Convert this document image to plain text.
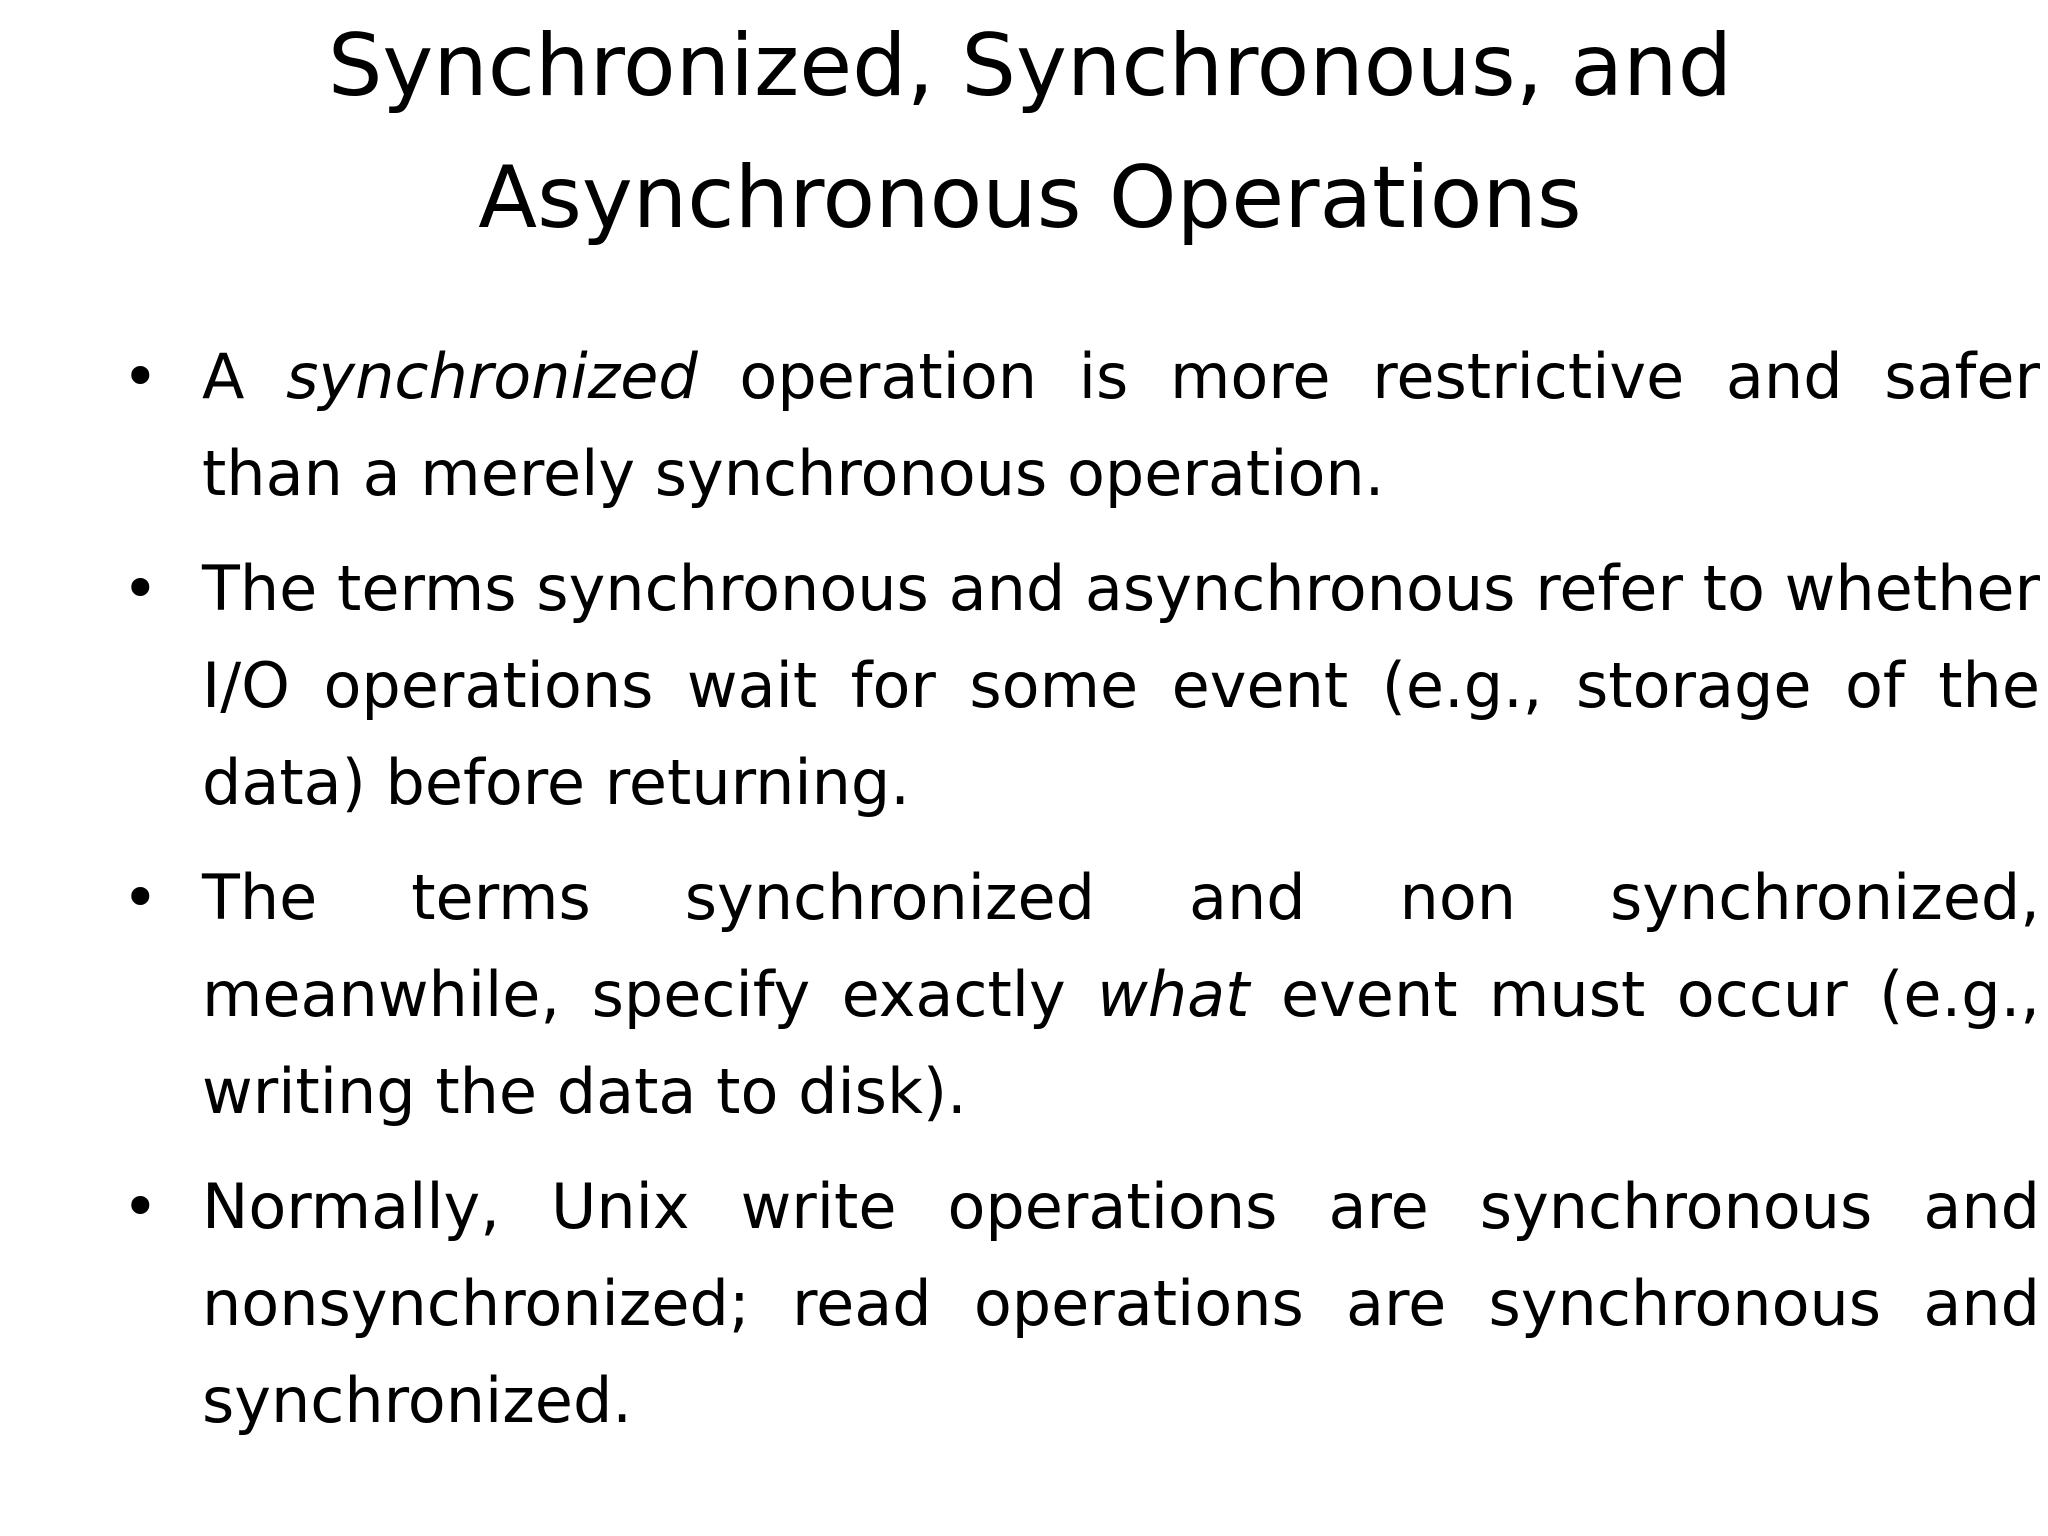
Synchronized, Synchronous, and
Asynchronous Operations
• A synchronized operation is more restrictive and safer than a merely synchronous operation.
• The terms synchronous and asynchronous refer to whether I/O operations wait for some event (e.g., storage of the data) before returning.
• The terms synchronized and non synchronized, meanwhile, specify exactly what event must occur (e.g., writing the data to disk).
• Normally, Unix write operations are synchronous and nonsynchronized; read operations are synchronous and synchronized.
